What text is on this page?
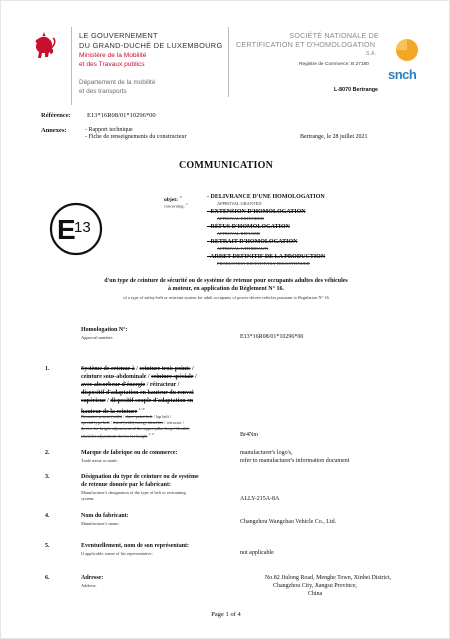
LE GOUVERNEMENT
DU GRAND-DUCHÉ DE LUXEMBOURG
Ministère de la Mobilité
et des Travaux publics
Département de la mobilité
et des transports
SOCIÉTÉ NATIONALE DE
CERTIFICATION ET D'HOMOLOGATION
S.A.
Registre de Commerce: B 27180
snch
L-8070 Bertrange
Référence: E13*16R08/01*10296*00
Annexes:	- Rapport technique
- Fiche de renseignements du constructeur	Bertrange, le 28 juillet 2021
COMMUNICATION
E
13
objet: $^{1/}$
concerning: $^{1/}$
- DELIVRANCE D'UNE HOMOLOGATION
APPROVAL GRANTED
- EXTENSION D'HOMOLOGATION
APPROVAL EXTENDED
- REFUS D'HOMOLOGATION
APPROVAL REFUSED
- RETRAIT D'HOMOLOGATION
APPROVAL WITHDRAWN
- ARRET DEFINITIF DE LA PRODUCTION
PRODUCTION DEFINITIVELY DISCONTINUED
d'un type de ceinture de sécurité ou de système de retenue pour occupants adultes des véhicules
à moteur, en application du Règlement N° 16.
of a type of safety-belt or restraint system for adult occupants of power-driven vehicles pursuant to Regulation N° 16
Homologation N°:
Approval number:	E13*16R08/01*10296*00
1.	Système de retenue à / ceinture trois points /
ceinture sous-abdominale / ceinture spéciale /
avec absorbeur d'énergie / rétracteur /
dispositif d'adaptation en hauteur du renvoi
supérieur / dispositif souple d'adaptation en
hauteur de la ceinture $^{1/ 2/}$
Restraint system (with) / three-point belt / lap belt /
special type belt / fitted (with) energy absorber / retractor /
device for height adjustment of the upper pillar loop / flexible
shoulder adjustment device for height $^{1/ 2/}$	Br4Nm
2.	Marque de fabrique ou de commerce:
Trade name or mark:
manufacturer's logo's,
refer to manufacturer's information document
3.	Désignation du type de ceinture ou de système
de retenue donnée par le fabricant:
Manufacturer's designation of the type of belt or restraining
system:	ALLY-215A-8A
4.	Nom du fabricant:
Manufacturer's name:	Changzhou Wangchao Vehicle Co., Ltd.
5.	Eventuellement, nom de son représentant:
If applicable, name of his representative:	not applicable
6.	Adresse:
Address:
No.82 Jiulong Road, Menghe Town, Xinbei District,
Changzhou City, Jiangsu Province,
China
Page 1 of 4
